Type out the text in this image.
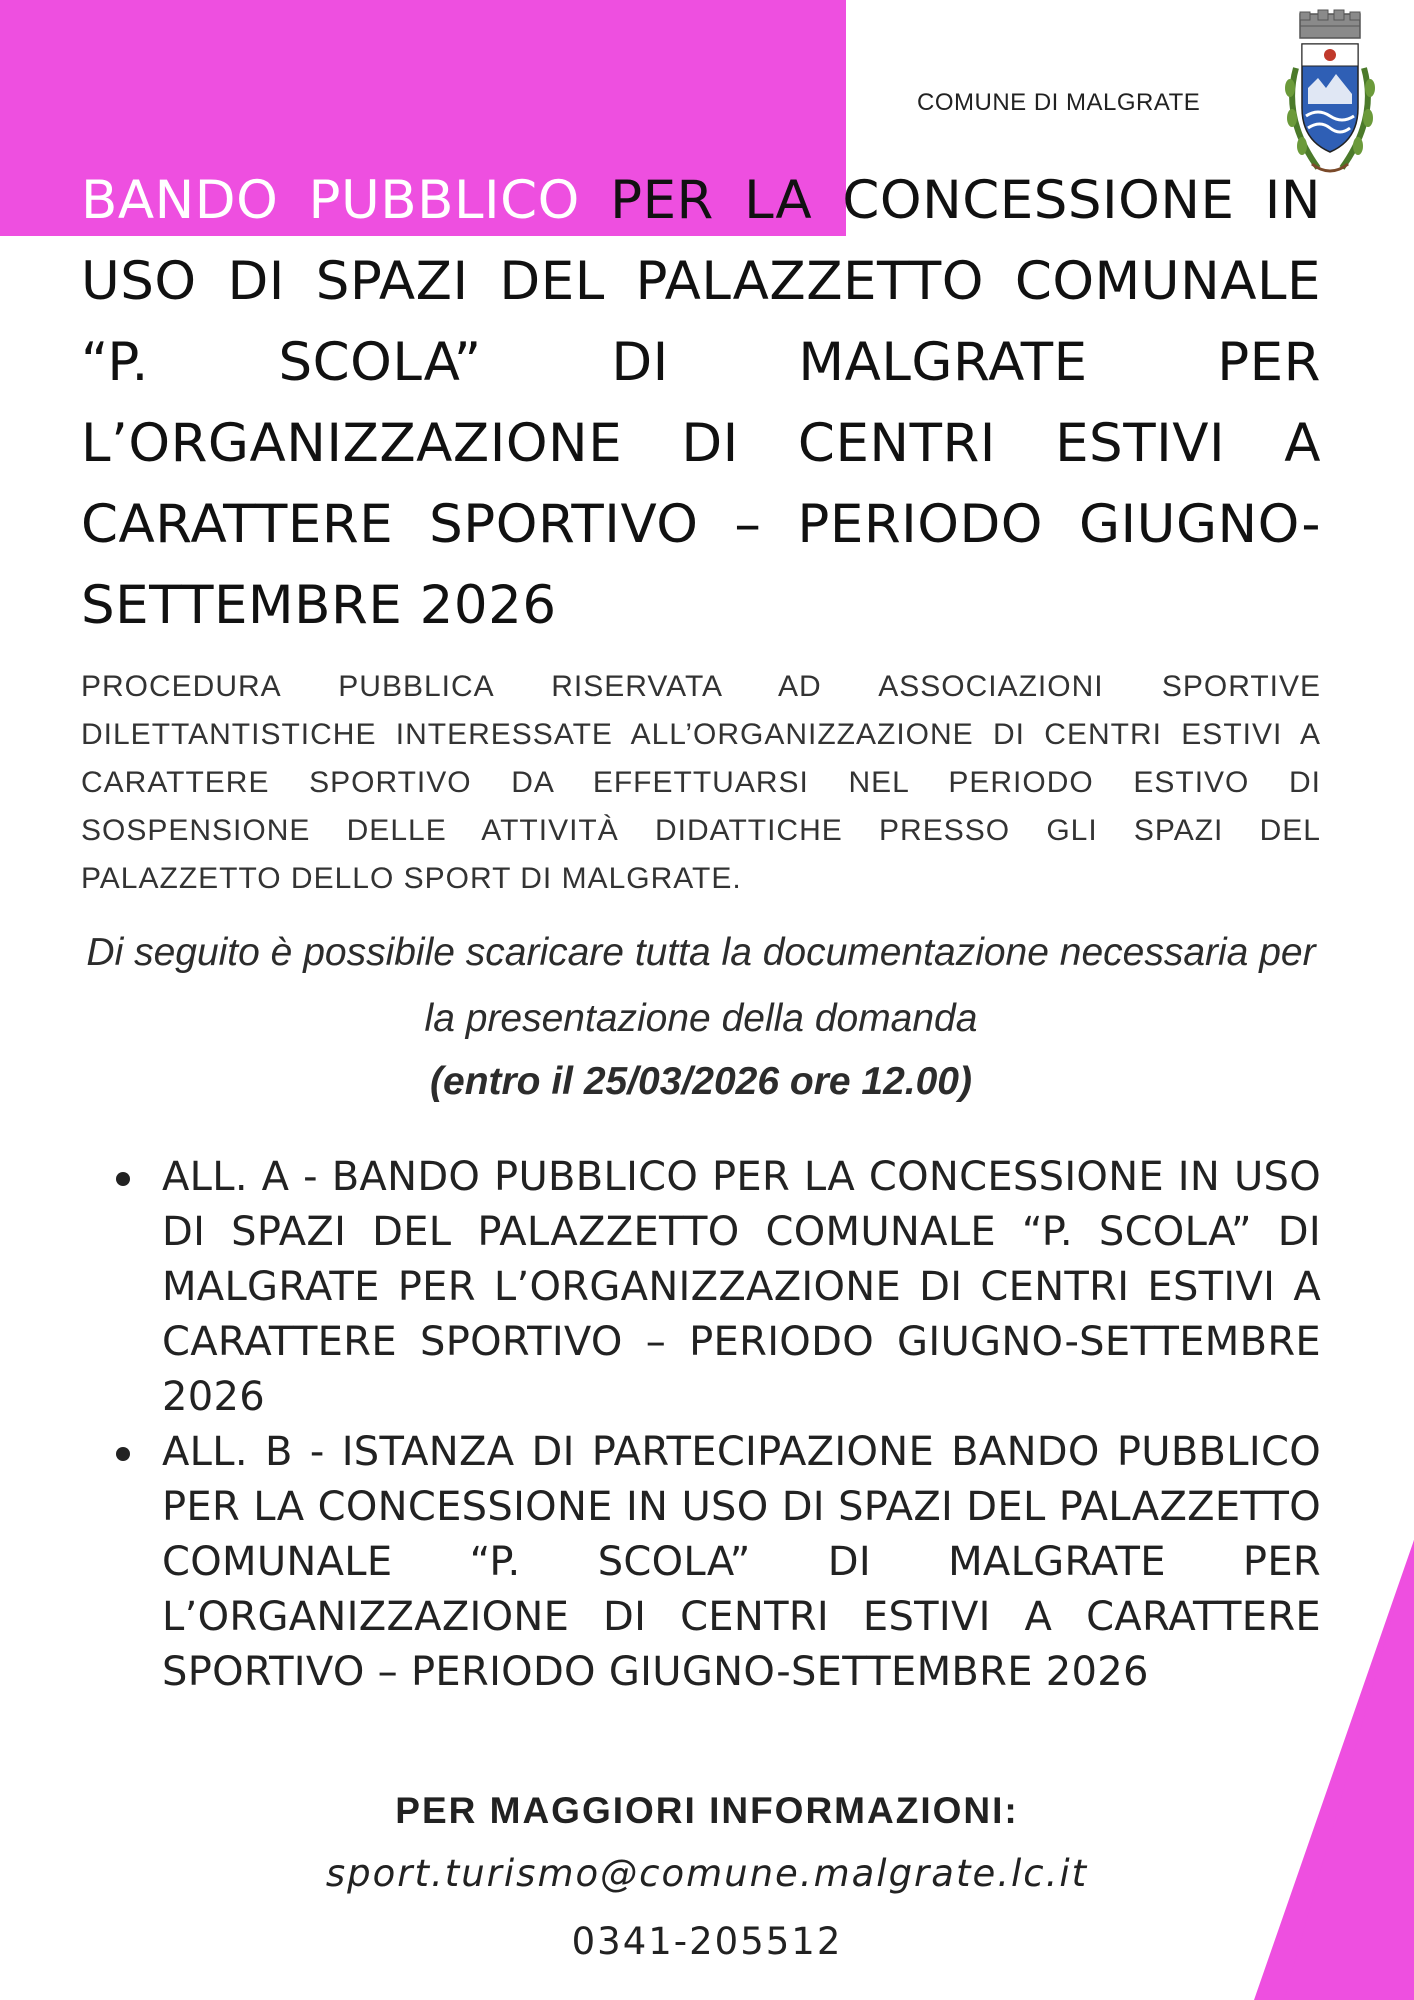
COMUNE DI MALGRATE

BANDO PUBBLICO PER LA CONCESSIONE IN USO DI SPAZI DEL PALAZZETTO COMUNALE “P. SCOLA” DI MALGRATE PER L’ORGANIZZAZIONE DI CENTRI ESTIVI A CARATTERE SPORTIVO – PERIODO GIUGNO-SETTEMBRE 2026

PROCEDURA PUBBLICA RISERVATA AD ASSOCIAZIONI SPORTIVE DILETTANTISTICHE INTERESSATE ALL’ORGANIZZAZIONE DI CENTRI ESTIVI A CARATTERE SPORTIVO DA EFFETTUARSI NEL PERIODO ESTIVO DI SOSPENSIONE DELLE ATTIVITÀ DIDATTICHE PRESSO GLI SPAZI DEL PALAZZETTO DELLO SPORT DI MALGRATE.
Di seguito è possibile scaricare tutta la documentazione necessaria per la presentazione della domanda
(entro il 25/03/2026 ore 12.00)
ALL. A - BANDO PUBBLICO PER LA CONCESSIONE IN USO DI SPAZI DEL PALAZZETTO COMUNALE “P. SCOLA” DI MALGRATE PER L’ORGANIZZAZIONE DI CENTRI ESTIVI A CARATTERE SPORTIVO – PERIODO GIUGNO-SETTEMBRE 2026
ALL. B - ISTANZA DI PARTECIPAZIONE BANDO PUBBLICO PER LA CONCESSIONE IN USO DI SPAZI DEL PALAZZETTO COMUNALE “P. SCOLA” DI MALGRATE PER L’ORGANIZZAZIONE DI CENTRI ESTIVI A CARATTERE SPORTIVO – PERIODO GIUGNO-SETTEMBRE 2026
PER MAGGIORI INFORMAZIONI:
sport.turismo@comune.malgrate.lc.it
0341-205512
